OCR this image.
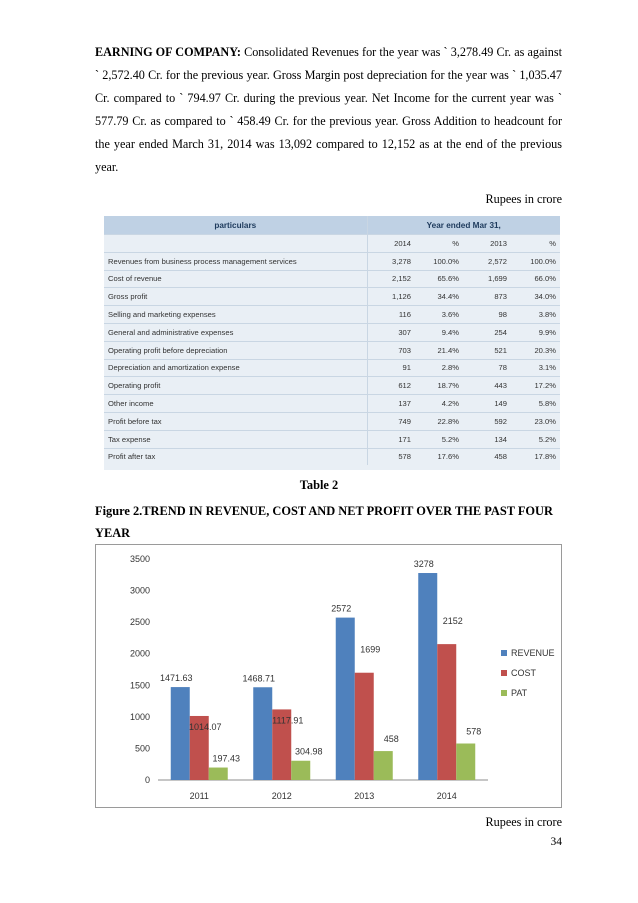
EARNING OF COMPANY: Consolidated Revenues for the year was ` 3,278.49 Cr. as against ` 2,572.40 Cr. for the previous year. Gross Margin post depreciation for the year was ` 1,035.47 Cr. compared to ` 794.97 Cr. during the previous year. Net Income for the current year was ` 577.79 Cr. as compared to ` 458.49 Cr. for the previous year. Gross Addition to headcount for the year ended March 31, 2014 was 13,092 compared to 12,152 as at the end of the previous year.

Rupees in crore

particulars	Year ended Mar 31,			
	2014	%	2013	%
Revenues from business process management services	3,278	100.0%	2,572	100.0%
Cost of revenue	2,152	65.6%	1,699	66.0%
Gross profit	1,126	34.4%	873	34.0%
Selling and marketing expenses	116	3.6%	98	3.8%
General and administrative expenses	307	9.4%	254	9.9%
Operating profit before depreciation	703	21.4%	521	20.3%
Depreciation and amortization expense	91	2.8%	78	3.1%
Operating profit	612	18.7%	443	17.2%
Other income	137	4.2%	149	5.8%
Profit before tax	749	22.8%	592	23.0%
Tax expense	171	5.2%	134	5.2%
Profit after tax	578	17.6%	458	17.8%

Table 2

Figure 2.TREND IN REVENUE, COST AND NET PROFIT OVER THE PAST FOUR YEAR

0
500
1000
1500
2000
2500
3000
3500
2011	2012	2013	2014
1471.63
1014.07
197.43
1468.71
1117.91
304.98
2572
1699
458
3278
2152
578
REVENUE
COST
PAT

Rupees in crore

34
